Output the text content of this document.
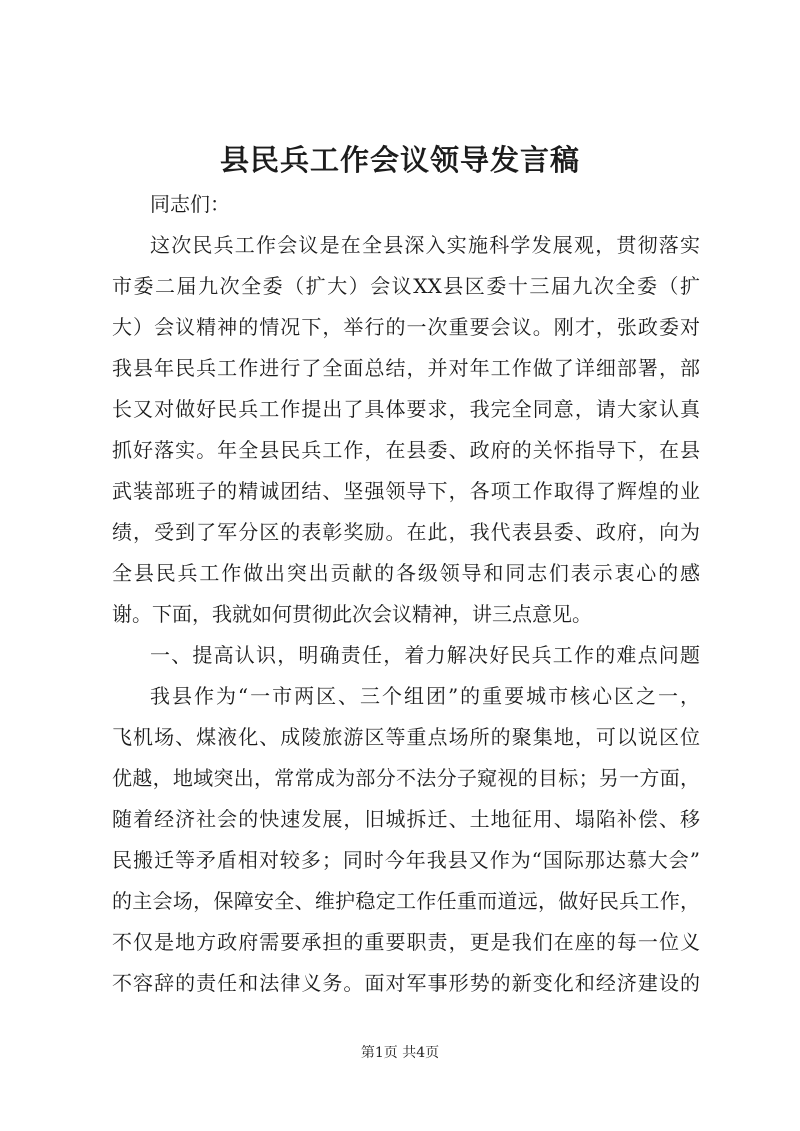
县民兵工作会议领导发言稿
同志们：
这次民兵工作会议是在全县深入实施科学发展观，贯彻落实
市委二届九次全委（扩大）会议XX县区委十三届九次全委（扩
大）会议精神的情况下，举行的一次重要会议。刚才，张政委对
我县年民兵工作进行了全面总结，并对年工作做了详细部署，部
长又对做好民兵工作提出了具体要求，我完全同意，请大家认真
抓好落实。年全县民兵工作，在县委、政府的关怀指导下，在县
武装部班子的精诚团结、坚强领导下，各项工作取得了辉煌的业
绩，受到了军分区的表彰奖励。在此，我代表县委、政府，向为
全县民兵工作做出突出贡献的各级领导和同志们表示衷心的感
谢。下面，我就如何贯彻此次会议精神，讲三点意见。
一、提高认识，明确责任，着力解决好民兵工作的难点问题
我县作为“一市两区、三个组团”的重要城市核心区之一，
飞机场、煤液化、成陵旅游区等重点场所的聚集地，可以说区位
优越，地域突出，常常成为部分不法分子窥视的目标；另一方面，
随着经济社会的快速发展，旧城拆迁、土地征用、塌陷补偿、移
民搬迁等矛盾相对较多；同时今年我县又作为“国际那达慕大会”
的主会场，保障安全、维护稳定工作任重而道远，做好民兵工作，
不仅是地方政府需要承担的重要职责，更是我们在座的每一位义
不容辞的责任和法律义务。面对军事形势的新变化和经济建设的
第1页 共4页
